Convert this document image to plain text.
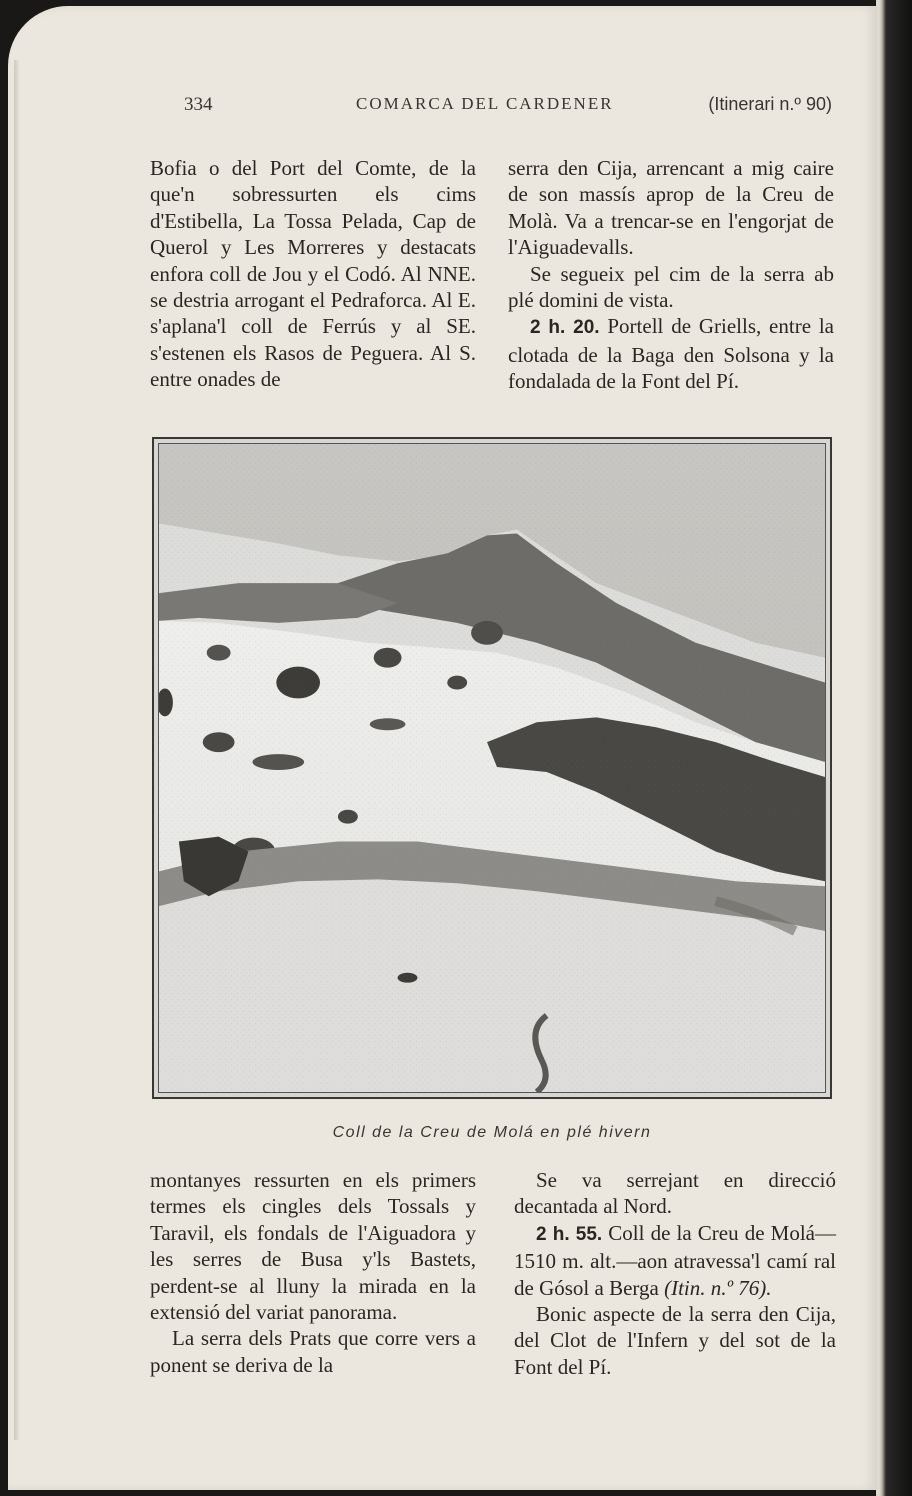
334	COMARCA DEL CARDENER	(Itinerari n.º 90)

Bofia o del Port del Comte, de la que'n sobressurten els cims d'Estibella, La Tossa Pelada, Cap de Querol y Les Morreres y destacats enfora coll de Jou y el Codó. Al NNE. se destria arrogant el Pedraforca. Al E. s'aplana'l coll de Ferrús y al SE. s'estenen els Rasos de Peguera. Al S. entre onades de

serra den Cija, arrencant a mig caire de son massís aprop de la Creu de Molà. Va a trencar-se en l'engorjat de l'Aiguadevalls.

Se segueix pel cim de la serra ab plé domini de vista.

2 h. 20. Portell de Griells, entre la clotada de la Baga den Solsona y la fondalada de la Font del Pí.

Coll de la Creu de Molá en plé hivern

montanyes ressurten en els primers termes els cingles dels Tossals y Taravil, els fondals de l'Aiguadora y les serres de Busa y'ls Bastets, perdent-se al lluny la mirada en la extensió del variat panorama.

La serra dels Prats que corre vers a ponent se deriva de la

Se va serrejant en direcció decantada al Nord.

2 h. 55. Coll de la Creu de Molá—1510 m. alt.—aon atravessa'l camí ral de Gósol a Berga (Itin. n.º 76).

Bonic aspecte de la serra den Cija, del Clot de l'Infern y del sot de la Font del Pí.
